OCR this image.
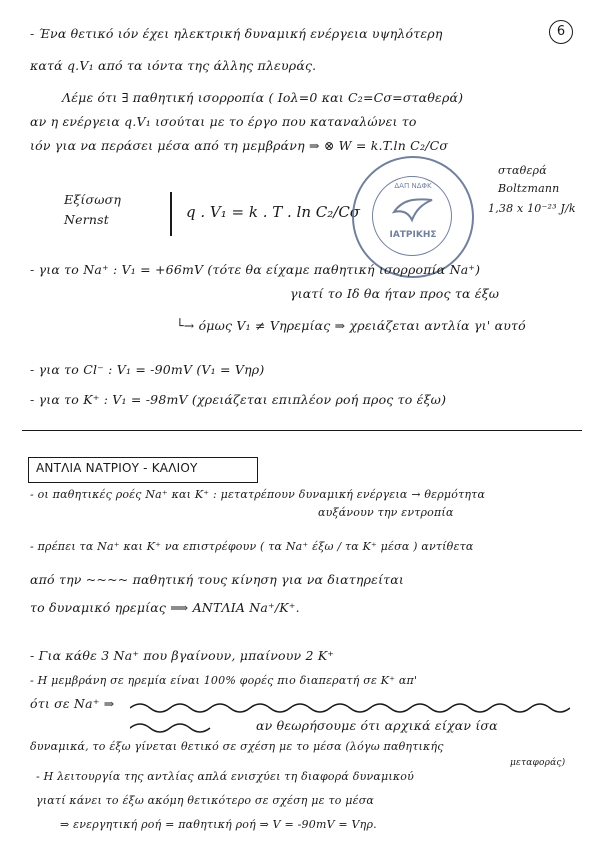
6
- Ένα θετικό ιόν έχει ηλεκτρική δυναμική ενέργεια υψηλότερη
κατά q.V₁ από τα ιόντα της άλλης πλευράς.
Λέμε ότι ∃ παθητική ισορροπία ( Iολ=0 και C₂=Cσ=σταθερά)
αν η ενέργεια q.V₁ ισούται με το έργο που καταναλώνει το
ιόν για να περάσει μέσα από τη μεμβράνη ⇒ ⊗ W = k.T.ln C₂/Cσ
σταθερά
Boltzmann
1,38 x 10⁻²³ J/k
Εξίσωση
Nernst	q . V₁ = k . T . ln C₂/Cσ
ΔΑΠ ΝΔΦΚ
ΙΑΤΡΙΚΗΣ
- για το Na⁺ : V₁ = +66mV (τότε θα είχαμε παθητική ισορροπία Na⁺)
γιατί το Iδ θα ήταν προς τα έξω
└→ όμως V₁ ≠ Vηρεμίας ⇒ χρειάζεται αντλία γι' αυτό
- για το Cl⁻ : V₁ = -90mV (V₁ = Vηρ)
- για το K⁺ : V₁ = -98mV (χρειάζεται επιπλέον ροή προς το έξω)
ΑΝΤΛΙΑ ΝΑΤΡΙΟΥ - ΚΑΛΙΟΥ
- οι παθητικές ροές Na⁺ και K⁺ : μετατρέπουν δυναμική ενέργεια → θερμότητα
αυξάνουν την εντροπία
- πρέπει τα Na⁺ και K⁺ να επιστρέφουν ( τα Na⁺ έξω / τα K⁺ μέσα ) αντίθετα
από την ~~~~ παθητική τους κίνηση για να διατηρείται
το δυναμικό ηρεμίας ⟹ ΑΝΤΛΙΑ Na⁺/K⁺.
- Για κάθε 3 Na⁺ που βγαίνουν, μπαίνουν 2 K⁺
- Η μεμβράνη σε ηρεμία είναι 100% φορές πιο διαπερατή σε K⁺ απ'
ότι σε Na⁺ ⇒
αν θεωρήσουμε ότι αρχικά είχαν ίσα
δυναμικά, το έξω γίνεται θετικό σε σχέση με το μέσα (λόγω παθητικής
μεταφοράς)
- Η λειτουργία της αντλίας απλά ενισχύει τη διαφορά δυναμικού
γιατί κάνει το έξω ακόμη θετικότερο σε σχέση με το μέσα
⇒ ενεργητική ροή = παθητική ροή ⇒ V = -90mV = Vηρ.
